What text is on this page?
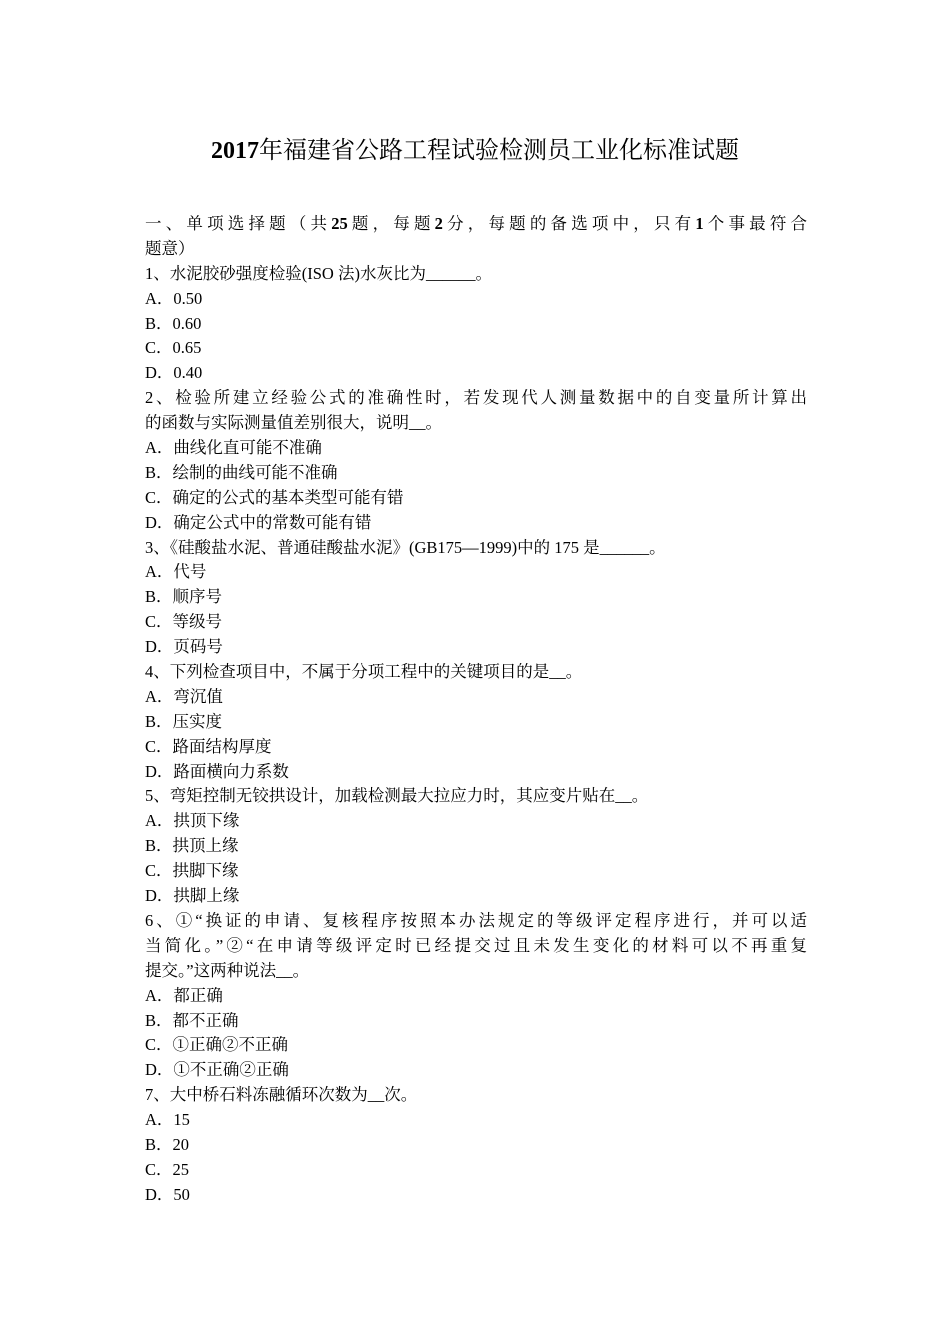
2017年福建省公路工程试验检测员工业化标准试题
一、单项选择题（共25题，每题2分，每题的备选项中，只有1个事最符合
题意）
1、水泥胶砂强度检验(ISO 法)水灰比为______。
A．0.50
B．0.60
C．0.65
D．0.40
2、检验所建立经验公式的准确性时，若发现代人测量数据中的自变量所计算出
的函数与实际测量值差别很大，说明__。
A．曲线化直可能不准确
B．绘制的曲线可能不准确
C．确定的公式的基本类型可能有错
D．确定公式中的常数可能有错
3、《硅酸盐水泥、普通硅酸盐水泥》(GB175—1999)中的 175 是______。
A．代号
B．顺序号
C．等级号
D．页码号
4、下列检查项目中，不属于分项工程中的关键项目的是__。
A．弯沉值
B．压实度
C．路面结构厚度
D．路面横向力系数
5、弯矩控制无铰拱设计，加载检测最大拉应力时，其应变片贴在__。
A．拱顶下缘
B．拱顶上缘
C．拱脚下缘
D．拱脚上缘
6、①“换证的申请、复核程序按照本办法规定的等级评定程序进行，并可以适
当简化。”②“在申请等级评定时已经提交过且未发生变化的材料可以不再重复
提交。”这两种说法__。
A．都正确
B．都不正确
C．①正确②不正确
D．①不正确②正确
7、大中桥石料冻融循环次数为__次。
A．15
B．20
C．25
D．50
